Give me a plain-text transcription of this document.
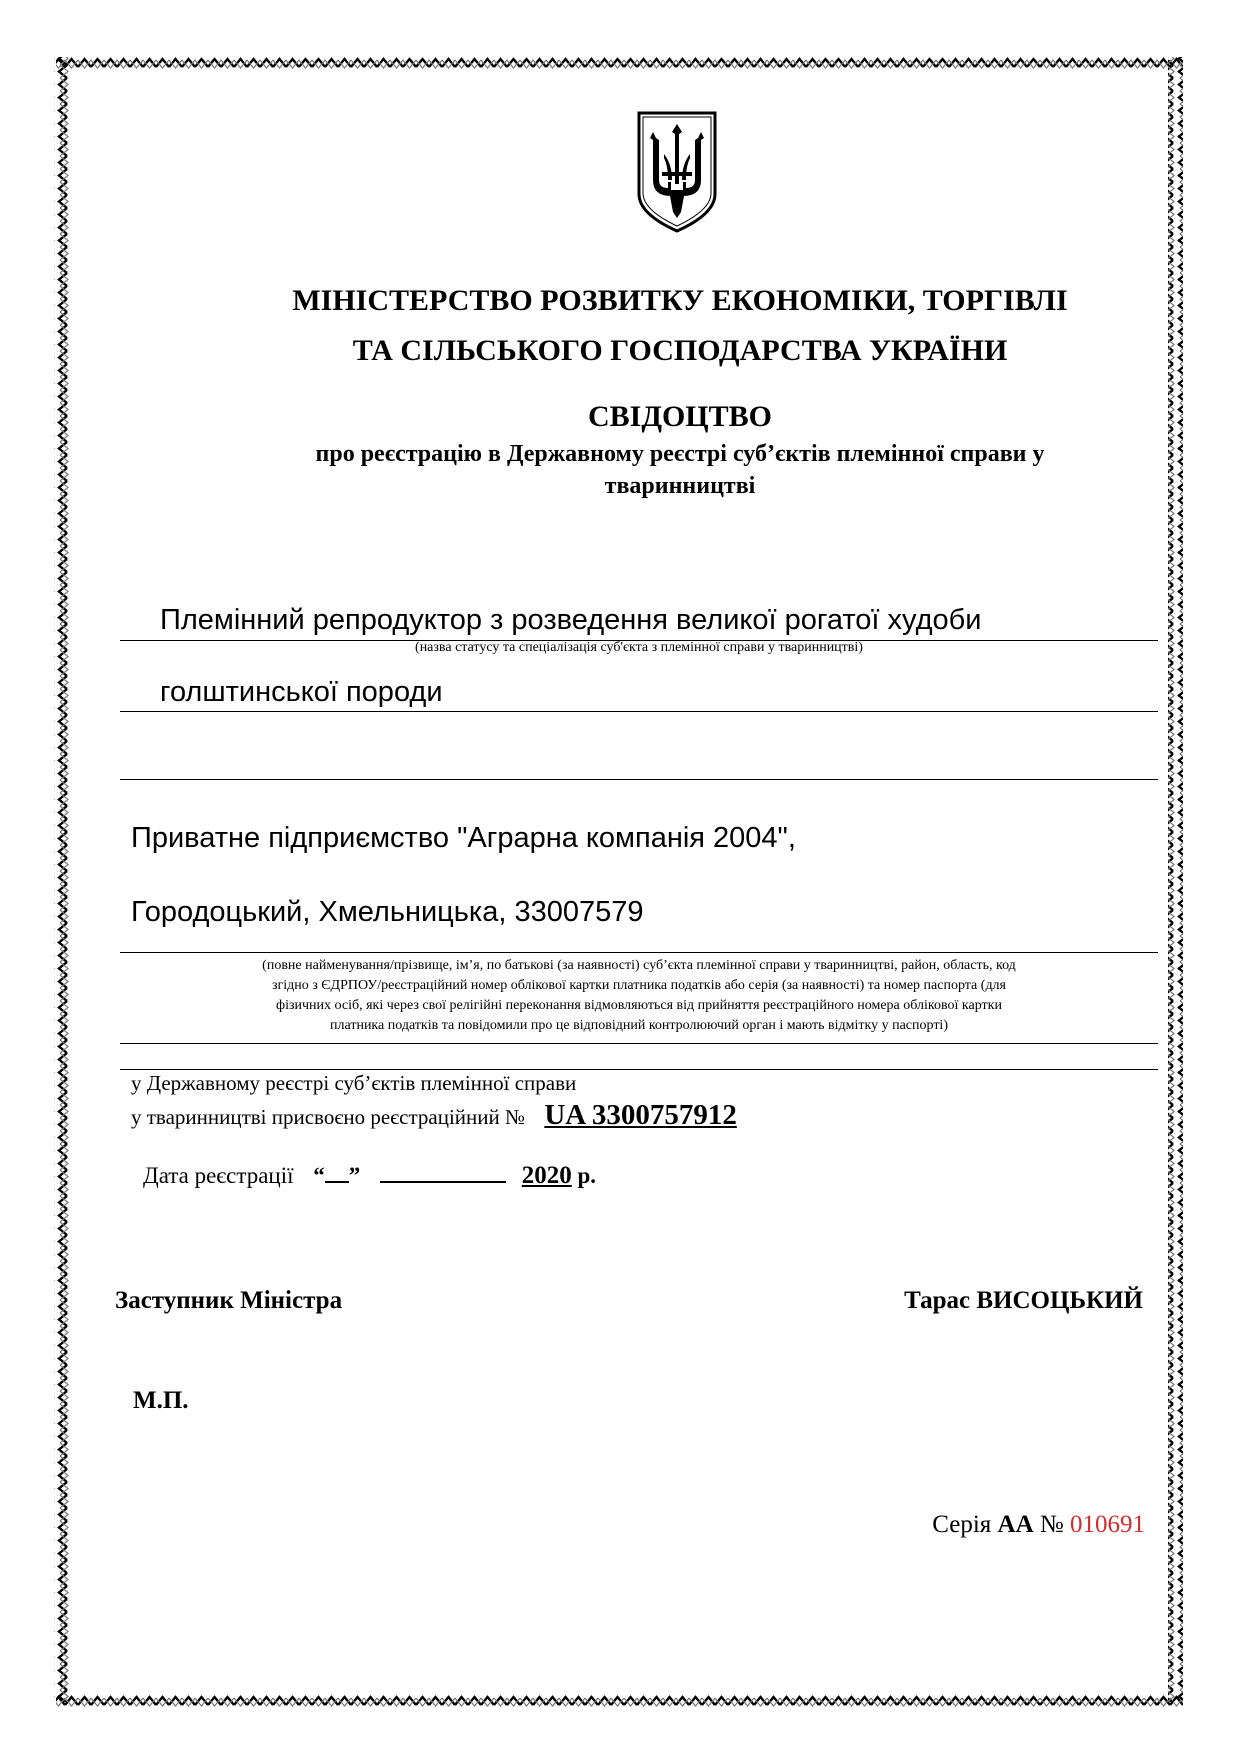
МІНІСТЕРСТВО РОЗВИТКУ ЕКОНОМІКИ, ТОРГІВЛІ
ТА СІЛЬСЬКОГО ГОСПОДАРСТВА УКРАЇНИ
СВІДОЦТВО
про реєстрацію в Державному реєстрі суб’єктів племінної справи у
тваринництві
Племінний репродуктор з розведення великої рогатої худоби
(назва статусу та спеціалізація суб'єкта з племінної справи у тваринництві)
голштинської породи
Приватне підприємство "Аграрна компанія 2004",
Городоцький, Хмельницька, 33007579
(повне найменування/прізвище, ім’я, по батькові (за наявності) суб’єкта племінної справи у тваринництві, район, область, код
згідно з ЄДРПОУ/реєстраційний номер облікової картки платника податків або серія (за наявності) та номер паспорта (для
фізичних осіб, які через свої релігійні переконання відмовляються від прийняття реєстраційного номера облікової картки
платника податків та повідомили про це відповідний контролюючий орган і мають відмітку у паспорті)
у Державному реєстрі суб’єктів племінної справи
у тваринництві присвоєно реєстраційний № UA 3300757912
Дата реєстрації “ ”	2020 р.
Заступник Міністра	Тарас ВИСОЦЬКИЙ
М.П.
Серія АА № 010691
